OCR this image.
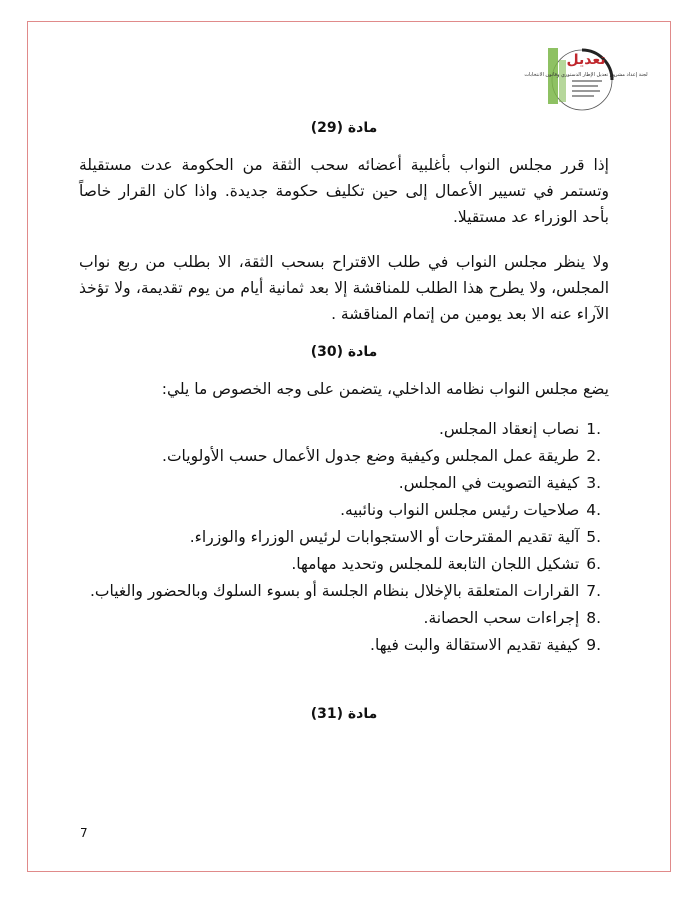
تعديل
لجنة إعداد مشروع تعديل الإطار الدستوري وقانون الانتخابات
مادة (29)
إذا قرر مجلس النواب بأغلبية أعضائه سحب الثقة من الحكومة عدت مستقيلة وتستمر في تسيير الأعمال إلى حين تكليف حكومة جديدة. واذا كان القرار خاصاً بأحد الوزراء عد مستقيلا.
ولا ينظر مجلس النواب في طلب الاقتراح بسحب الثقة، الا بطلب من ربع نواب المجلس، ولا يطرح هذا الطلب للمناقشة إلا بعد ثمانية أيام من يوم تقديمة، ولا تؤخذ الآراء عنه الا بعد يومين من إتمام المناقشة .
مادة (30)
يضع مجلس النواب نظامه الداخلي، يتضمن على وجه الخصوص ما يلي:
1. نصاب إنعقاد المجلس.
2. طريقة عمل المجلس وكيفية وضع جدول الأعمال حسب الأولويات.
3. كيفية التصويت في المجلس.
4. صلاحيات رئيس مجلس النواب ونائبيه.
5. آلية تقديم المقترحات أو الاستجوابات لرئيس الوزراء والوزراء.
6. تشكيل اللجان التابعة للمجلس وتحديد مهامها.
7. القرارات المتعلقة بالإخلال بنظام الجلسة أو بسوء السلوك وبالحضور والغياب.
8. إجراءات سحب الحصانة.
9. كيفية تقديم الاستقالة والبت فيها.
مادة (31)
7
